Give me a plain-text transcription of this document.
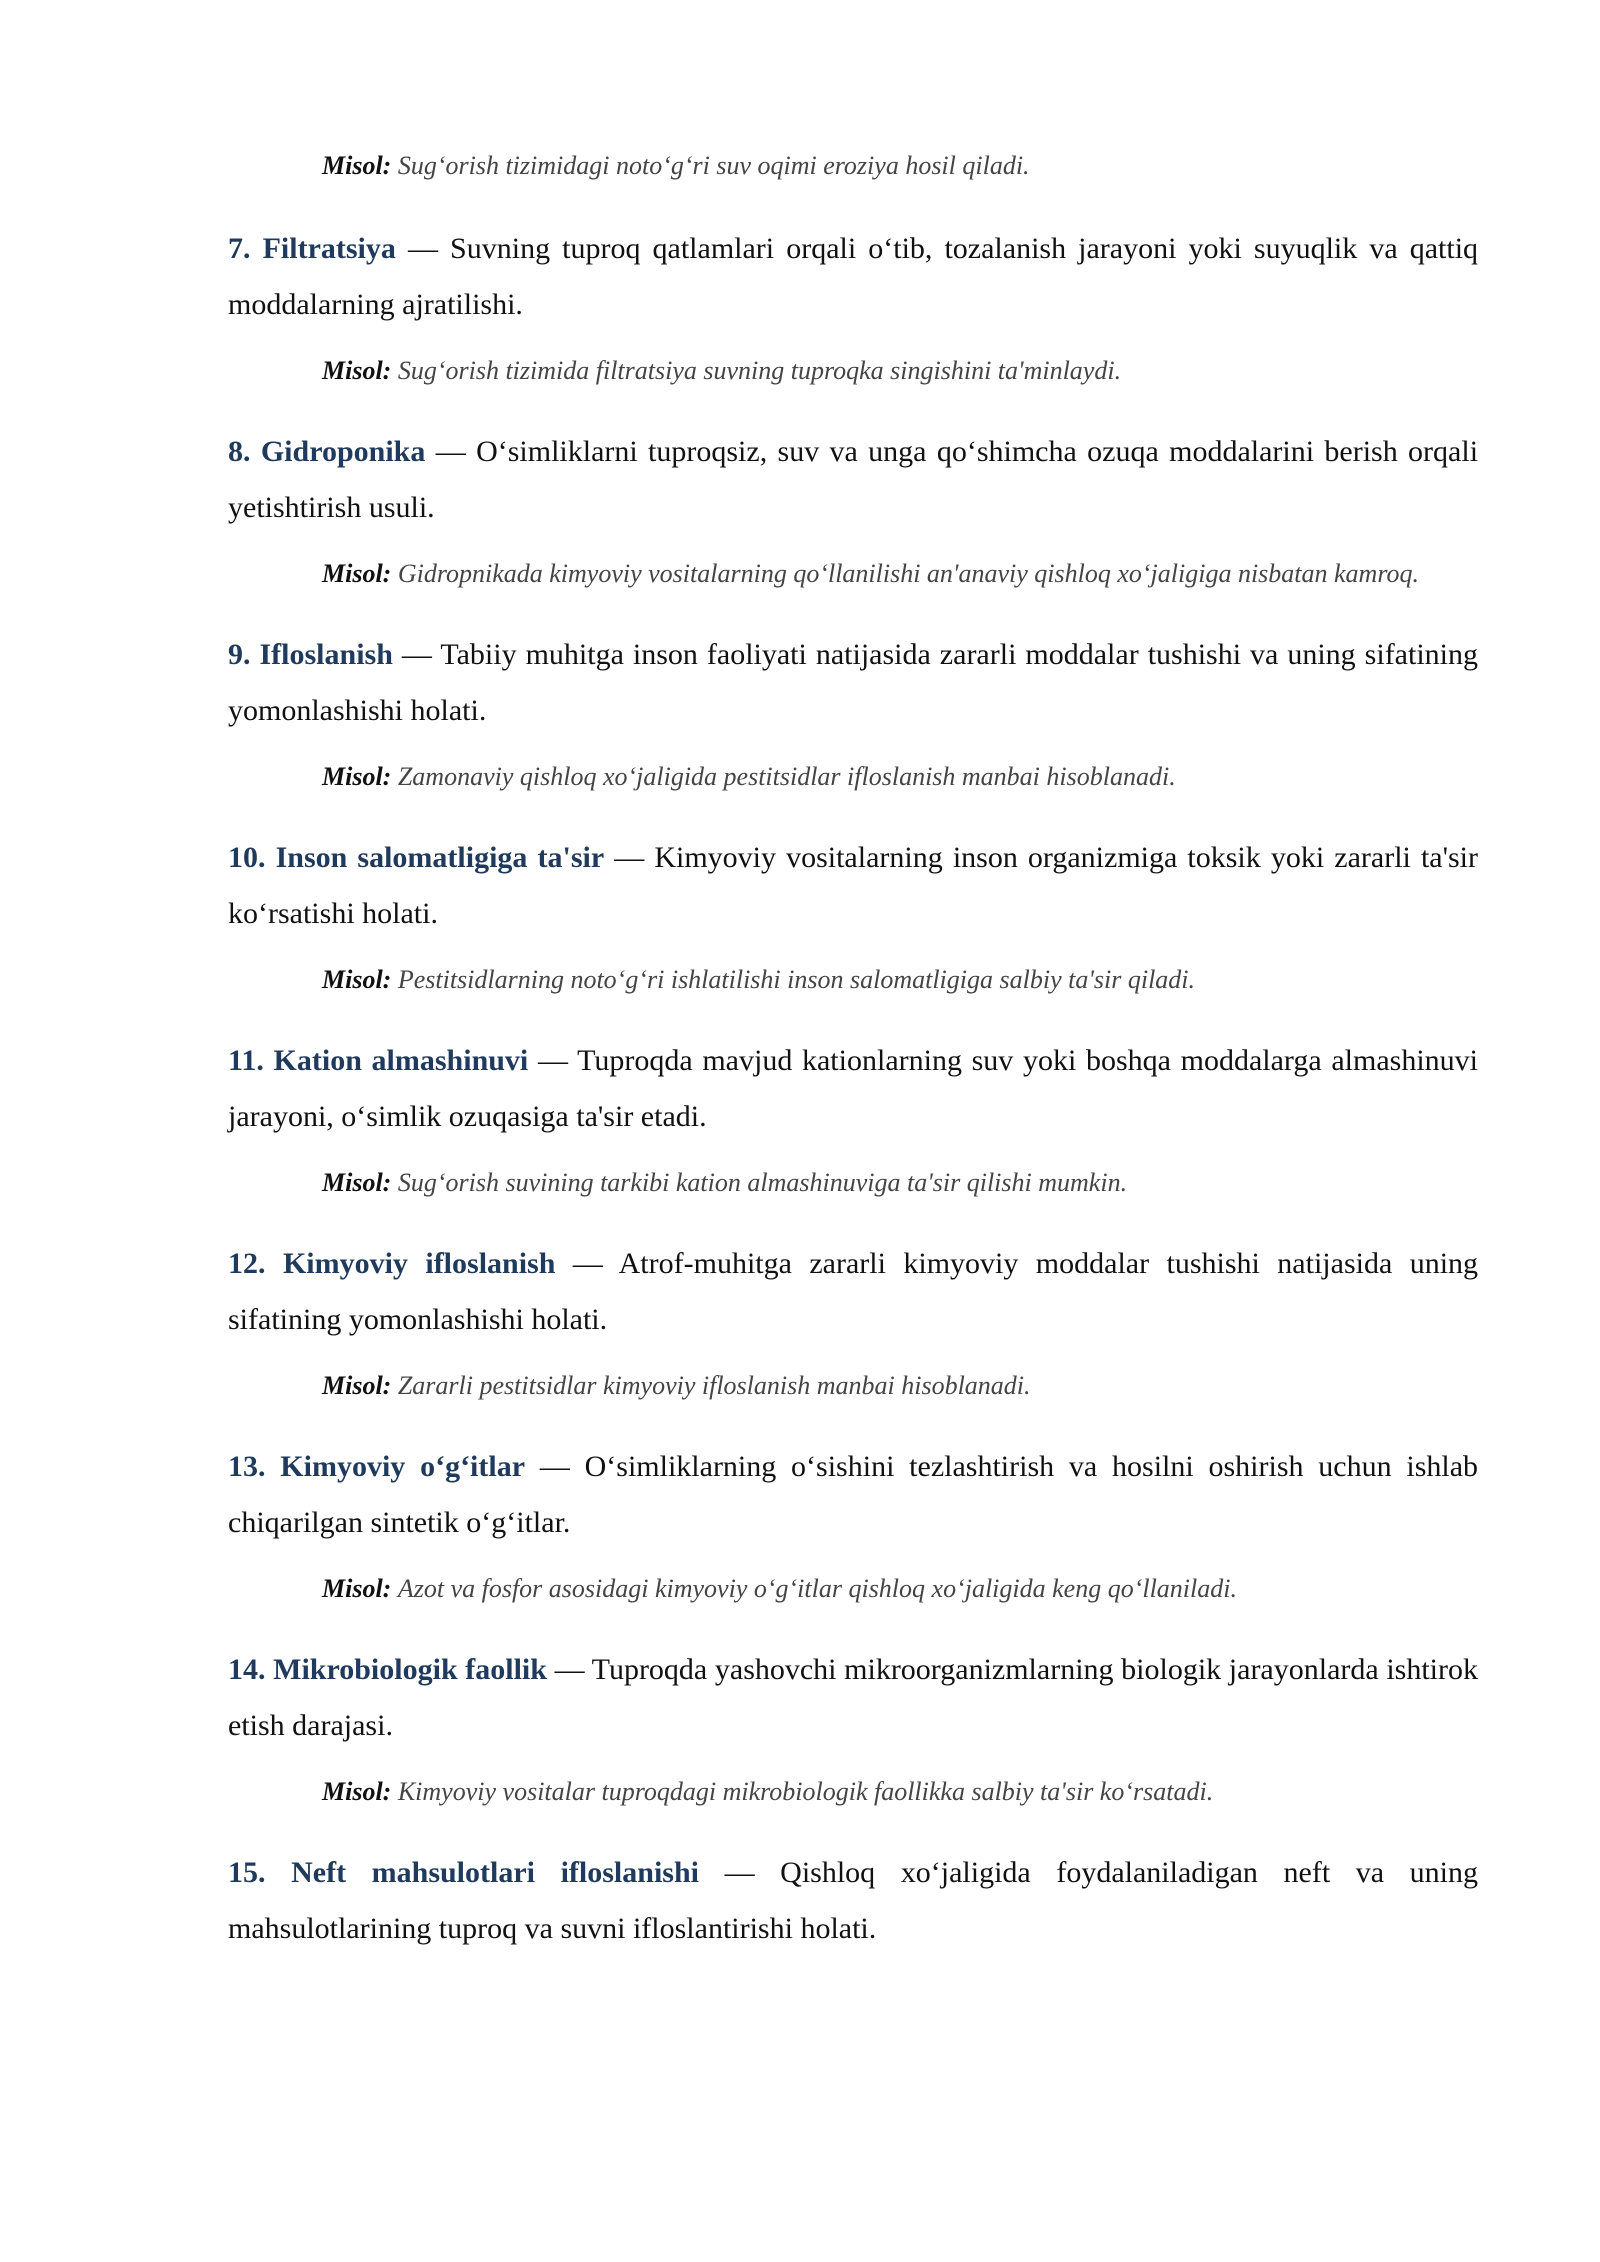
Misol: Sug‘orish tizimidagi noto‘g‘ri suv oqimi eroziya hosil qiladi.

7. Filtratsiya — Suvning tuproq qatlamlari orqali o‘tib, tozalanish jarayoni yoki suyuqlik va qattiq moddalarning ajratilishi.

Misol: Sug‘orish tizimida filtratsiya suvning tuproqka singishini ta'minlaydi.

8. Gidroponika — O‘simliklarni tuproqsiz, suv va unga qo‘shimcha ozuqa moddalarini berish orqali yetishtirish usuli.

Misol: Gidropnikada kimyoviy vositalarning qo‘llanilishi an'anaviy qishloq xo‘jaligiga nisbatan kamroq.

9. Ifloslanish — Tabiiy muhitga inson faoliyati natijasida zararli moddalar tushishi va uning sifatining yomonlashishi holati.

Misol: Zamonaviy qishloq xo‘jaligida pestitsidlar ifloslanish manbai hisoblanadi.

10. Inson salomatligiga ta'sir — Kimyoviy vositalarning inson organizmiga toksik yoki zararli ta'sir ko‘rsatishi holati.

Misol: Pestitsidlarning noto‘g‘ri ishlatilishi inson salomatligiga salbiy ta'sir qiladi.

11. Kation almashinuvi — Tuproqda mavjud kationlarning suv yoki boshqa moddalarga almashinuvi jarayoni, o‘simlik ozuqasiga ta'sir etadi.

Misol: Sug‘orish suvining tarkibi kation almashinuviga ta'sir qilishi mumkin.

12. Kimyoviy ifloslanish — Atrof-muhitga zararli kimyoviy moddalar tushishi natijasida uning sifatining yomonlashishi holati.

Misol: Zararli pestitsidlar kimyoviy ifloslanish manbai hisoblanadi.

13. Kimyoviy o‘g‘itlar — O‘simliklarning o‘sishini tezlashtirish va hosilni oshirish uchun ishlab chiqarilgan sintetik o‘g‘itlar.

Misol: Azot va fosfor asosidagi kimyoviy o‘g‘itlar qishloq xo‘jaligida keng qo‘llaniladi.

14. Mikrobiologik faollik — Tuproqda yashovchi mikroorganizmlarning biologik jarayonlarda ishtirok etish darajasi.

Misol: Kimyoviy vositalar tuproqdagi mikrobiologik faollikka salbiy ta'sir ko‘rsatadi.

15. Neft mahsulotlari ifloslanishi — Qishloq xo‘jaligida foydalaniladigan neft va uning mahsulotlarining tuproq va suvni ifloslantirishi holati.
